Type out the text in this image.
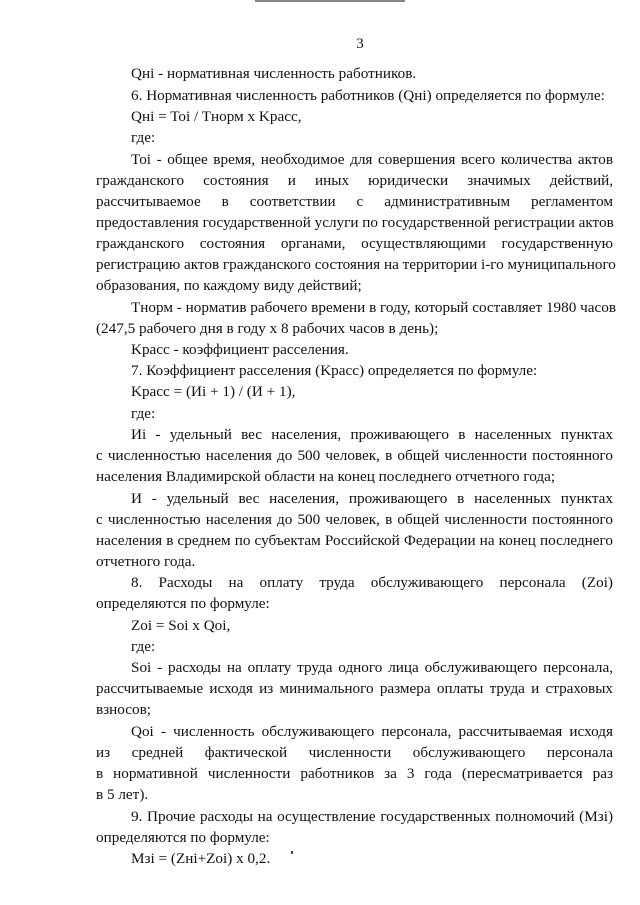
3
Qнi - нормативная численность работников.
6. Нормативная численность работников (Qнi) определяется по формуле:
Qнi = Toi / Tнорм х Kрасс,
где:
Toi - общее время, необходимое для совершения всего количества актов
гражданского состояния и иных юридически значимых действий,
рассчитываемое в соответствии с административным регламентом
предоставления государственной услуги по государственной регистрации актов
гражданского состояния органами, осуществляющими государственную
регистрацию актов гражданского состояния на территории i-го муниципального
образования, по каждому виду действий;
Tнорм - норматив рабочего времени в году, который составляет 1980 часов
(247,5 рабочего дня в году x 8 рабочих часов в день);
Kрасс - коэффициент расселения.
7. Коэффициент расселения (Kрасс) определяется по формуле:
Kрасс = (Иi + 1) / (И + 1),
где:
Иi - удельный вес населения, проживающего в населенных пунктах
с численностью населения до 500 человек, в общей численности постоянного
населения Владимирской области на конец последнего отчетного года;
И - удельный вес населения, проживающего в населенных пунктах
с численностью населения до 500 человек, в общей численности постоянного
населения в среднем по субъектам Российской Федерации на конец последнего
отчетного года.
8. Расходы на оплату труда обслуживающего персонала (Zoi)
определяются по формуле:
Zoi = Soi x Qoi,
где:
Soi - расходы на оплату труда одного лица обслуживающего персонала,
рассчитываемые исходя из минимального размера оплаты труда и страховых
взносов;
Qoi - численность обслуживающего персонала, рассчитываемая исходя
из средней фактической численности обслуживающего персонала
в нормативной численности работников за 3 года (пересматривается раз
в 5 лет).
9. Прочие расходы на осуществление государственных полномочий (Mзi)
определяются по формуле:
Mзi = (Zнi+Zoi) x 0,2.
